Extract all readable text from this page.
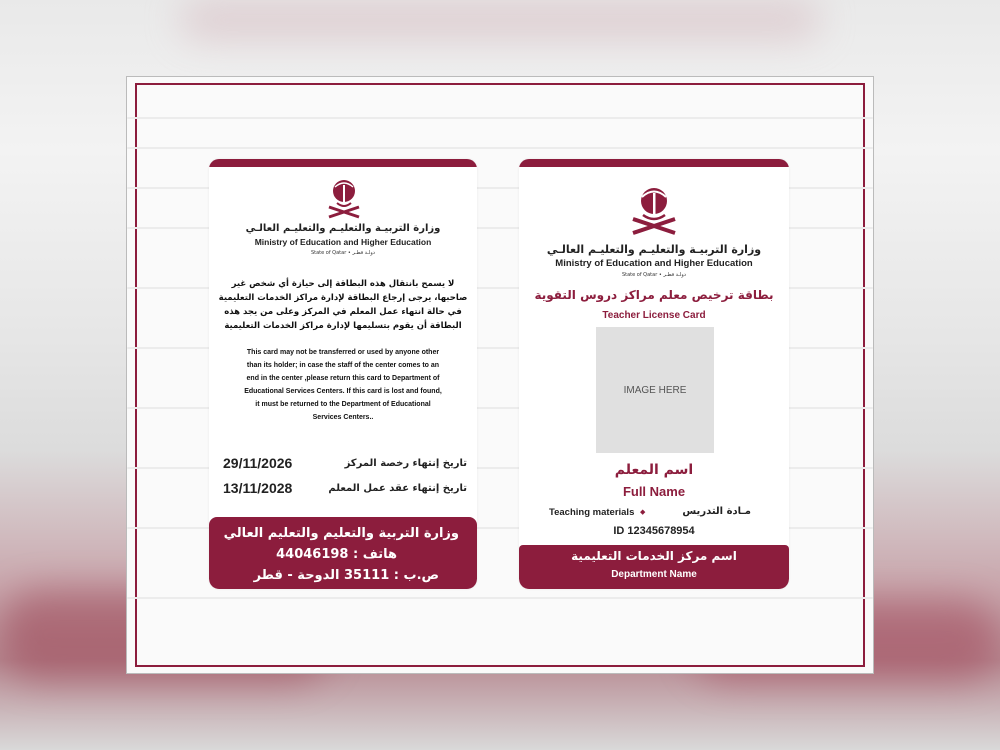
وزارة التربيـة والتعليـم والتعليـم العالـي
Ministry of Education and Higher Education
State of Qatar • دولـة قطـر
لا يسمح بانتقال هذه البطاقة إلى حيازة أي شخص غير
صاحبها، يرجى إرجاع البطاقة لإدارة مراكز الخدمات التعليمية
في حالة انتهاء عمل المعلم في المركز وعلى من يجد هذه
البطاقة أن يقوم بتسليمها لإدارة مراكز الخدمات التعليمية
This card may not be transferred or used by anyone other
than its holder; in case the staff of the center comes to an
end in the center ,please return this card to Department of
Educational Services Centers. If this card is lost and found,
it must be returned to the Department of Educational
Services Centers..
تاريخ إنتهاء رخصة المركز
29/11/2026
تاريخ إنتهاء عقد عمل المعلم
13/11/2028
وزارة التربية والتعليم والتعليم العالي
هاتف : 44046198
ص.ب : 35111 الدوحة - قطر
وزارة التربيـة والتعليـم والتعليـم العالـي
Ministry of Education and Higher Education
State of Qatar • دولـة قطـر
بطاقة ترخيص معلم مراكز دروس التقوية
Teacher License Card
IMAGE HERE
اسم المعلم
Full Name
Teaching materials ◆	مـادة التدريس
ID 12345678954
اسم مركز الخدمات التعليمية
Department Name
